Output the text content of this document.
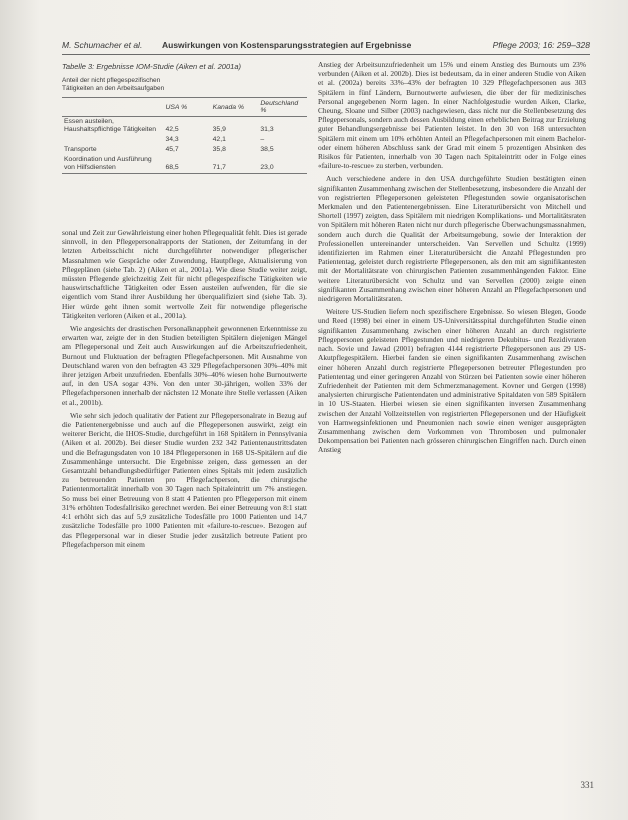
M. Schumacher et al. Auswirkungen von Kostensparungsstrategien auf Ergebnisse	Pflege 2003; 16: 259–328
Tabelle 3: Ergebnisse IOM-Studie (Aiken et al. 2001a)
Anteil der nicht pflegespezifischen Tätigkeiten an den Arbeitsaufgaben
	USA %	Kanada %	Deutschland %
Essen austeilen, Haushaltspflichtige Tätigkeiten	42,5	35,9	31,3
	34,3	42,1	–
Transporte	45,7	35,8	38,5
Koordination und Ausführung von Hilfsdiensten	68,5	71,7	23,0

sonal und Zeit zur Gewährleistung einer hohen Pflegequalität fehlt. Dies ist gerade sinnvoll, in den Pflegepersonalrapports der Stationen, der Zeitumfang in der letzten Arbeitsschicht nicht durchgeführter notwendiger pflegerischer Massnahmen wie Gespräche oder Zuwendung, Hautpflege, Aktualisierung von Pflegeplänen (siehe Tab. 2) (Aiken et al., 2001a). Wie diese Studie weiter zeigt, müssten Pflegende gleichzeitig Zeit für nicht pflegespezifische Tätigkeiten wie hauswirtschaftliche Tätigkeiten oder Essen austeilen aufwenden, für die sie eigentlich vom Stand ihrer Ausbildung her überqualifiziert sind (siehe Tab. 3). Hier würde geht ihnen somit wertvolle Zeit für notwendige pflegerische Tätigkeiten verloren (Aiken et al., 2001a).

Wie angesichts der drastischen Personalknappheit gewonnenen Erkenntnisse zu erwarten war, zeigte der in den Studien beteiligten Spitälern diejenigen Mängel am Pflegepersonal und Zeit auch Auswirkungen auf die Arbeitszufriedenheit, Burnout und Fluktuation der befragten Pflegefachpersonen. Mit Ausnahme von Deutschland waren von den befragten 43 329 Pflegefachpersonen 30%–40% mit ihrer jetzigen Arbeit unzufrieden. Ebenfalls 30%–40% wiesen hohe Burnoutwerte auf, in den USA sogar 43%. Von den unter 30-jährigen, wollen 33% der Pflegefachpersonen innerhalb der nächsten 12 Monate ihre Stelle verlassen (Aiken et al., 2001b).

Wie sehr sich jedoch qualitativ der Patient zur Pflegepersonalrate in Bezug auf die Patientenergebnisse und auch auf die Pflegepersonen auswirkt, zeigt ein weiterer Bericht, die IHOS-Studie, durchgeführt in 168 Spitälern in Pennsylvania (Aiken et al. 2002b). Bei dieser Studie wurden 232 342 Patientenaustrittsdaten und die Befragungsdaten von 10 184 Pflegepersonen in 168 US-Spitälern auf die Zusammenhänge untersucht. Die Ergebnisse zeigen, dass gemessen an der Gesamtzahl behandlungsbedürftiger Patienten eines Spitals mit jedem zusätzlich zu betreuenden Patienten pro Pflegefachperson, die chirurgische Patientenmortalität innerhalb von 30 Tagen nach Spitaleintritt um 7% anstiegen. So muss bei einer Betreuung von 8 statt 4 Patienten pro Pflegeperson mit einem 31% erhöhten Todesfallrisiko gerechnet werden. Bei einer Betreuung von 8:1 statt 4:1 erhöht sich das auf 5,9 zusätzliche Todesfälle pro 1000 Patienten und 14,7 zusätzliche Todesfälle pro 1000 Patienten mit «failure-to-rescue». Bezogen auf das Pflegepersonal war in dieser Studie jeder zusätzlich betreute Patient pro Pflegefachperson mit einem

Anstieg der Arbeitsunzufriedenheit um 15% und einem Anstieg des Burnouts um 23% verbunden (Aiken et al. 2002b). Dies ist bedeutsam, da in einer anderen Studie von Aiken et al. (2002a) bereits 33%–43% der befragten 10 329 Pflegefachpersonen aus 303 Spitälern in fünf Ländern, Burnoutwerte aufwiesen, die über der für medizinisches Personal angegebenen Norm lagen. In einer Nachfolgestudie wurden Aiken, Clarke, Cheung, Sloane und Silber (2003) nachgewiesen, dass nicht nur die Stellenbesetzung des Pflegepersonals, sondern auch dessen Ausbildung einen erheblichen Beitrag zur Erzielung guter Behandlungsergebnisse bei Patienten leistet. In den 30 von 168 untersuchten Spitälern mit einem um 10% erhöhten Anteil an Pflegefachpersonen mit einem Bachelor- oder einem höheren Abschluss sank der Grad mit einem 5 prozentigen Absinken des Risikos für Patienten, innerhalb von 30 Tagen nach Spitaleintritt oder in Folge eines «failure-to-rescue» zu sterben, verbunden.

Auch verschiedene andere in den USA durchgeführte Studien bestätigten einen signifikanten Zusammenhang zwischen der Stellenbesetzung, insbesondere die Anzahl der von registrierten Pflegepersonen geleisteten Pflegestunden sowie organisatorischen Merkmalen und den Patientenergebnissen. Eine Literaturübersicht von Mitchell und Shortell (1997) zeigten, dass Spitälern mit niedrigen Komplikations- und Mortalitätsraten von Spitälern mit höheren Raten nicht nur durch pflegerische Überwachungsmassnahmen, sondern auch durch die Qualität der Arbeitsumgebung, sowie der Interaktion der Professionellen untereinander unterscheiden. Van Servellen und Schultz (1999) identifizierten im Rahmen einer Literaturübersicht die Anzahl Pflegestunden pro Patiententag, geleistet durch registrierte Pflegepersonen, als den mit am signifikantesten mit der Mortalitätsrate von chirurgischen Patienten zusammenhängenden Faktor. Eine weitere Literaturübersicht von Schultz und van Servellen (2000) zeigte einen signifikanten Zusammenhang zwischen einer höheren Anzahl an Pflegefachpersonen und niedrigeren Mortalitätsraten.

Weitere US-Studien liefern noch spezifischere Ergebnisse. So wiesen Blegen, Goode und Reed (1998) bei einer in einem US-Universitätsspital durchgeführten Studie einen signifikanten Zusammenhang zwischen einer höheren Anzahl an durch registrierte Pflegepersonen geleisteten Pflegestunden und niedrigeren Dekubitus- und Rezidivraten nach. Sovie und Jawad (2001) befragten 4144 registrierte Pflegepersonen aus 29 US-Akutpflegespitälern. Hierbei fanden sie einen signifikanten Zusammenhang zwischen einer höheren Anzahl durch registrierte Pflegepersonen betreuter Pflegestunden pro Patiententag und einer geringeren Anzahl von Stürzen bei Patienten sowie einer höheren Zufriedenheit der Patienten mit dem Schmerzmanagement. Kovner und Gergen (1998) analysierten chirurgische Patientendaten und administrative Spitaldaten von 589 Spitälern in 10 US-Staaten. Hierbei wiesen sie einen signifikanten inversen Zusammenhang zwischen der Anzahl Vollzeitstellen von registrierten Pflegepersonen und der Häufigkeit von Harnwegsinfektionen und Pneumonien nach sowie einen weniger ausgeprägten Zusammenhang zwischen dem Vorkommen von Thrombosen und pulmonaler Dekompensation bei Patienten nach grösseren chirurgischen Eingriffen nach. Durch einen Anstieg

331
